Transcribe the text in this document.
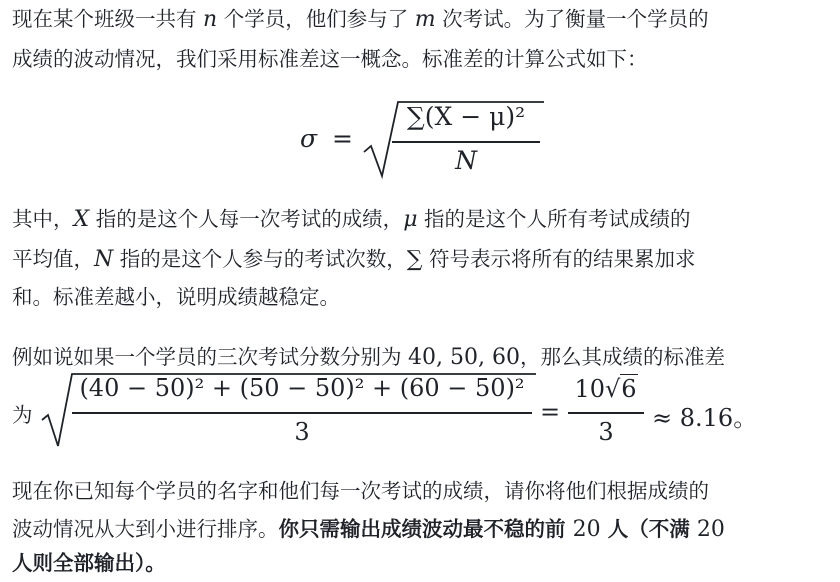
现在某个班级一共有 n 个学员，他们参与了 m 次考试。为了衡量一个学员的
成绩的波动情况，我们采用标准差这一概念。标准差的计算公式如下：
σ =
∑(X − μ)²
N
其中，X 指的是这个人每一次考试的成绩，μ 指的是这个人所有考试成绩的
平均值，N 指的是这个人参与的考试次数，∑ 符号表示将所有的结果累加求
和。标准差越小，说明成绩越稳定。
例如说如果一个学员的三次考试分数分别为 40, 50, 60，那么其成绩的标准差
为
(40 − 50)² + (50 − 50)² + (60 − 50)²
3
=
10√6
3	≈ 8.16。
现在你已知每个学员的名字和他们每一次考试的成绩，请你将他们根据成绩的
波动情况从大到小进行排序。你只需输出成绩波动最不稳的前 20 人（不满 20
人则全部输出）。
